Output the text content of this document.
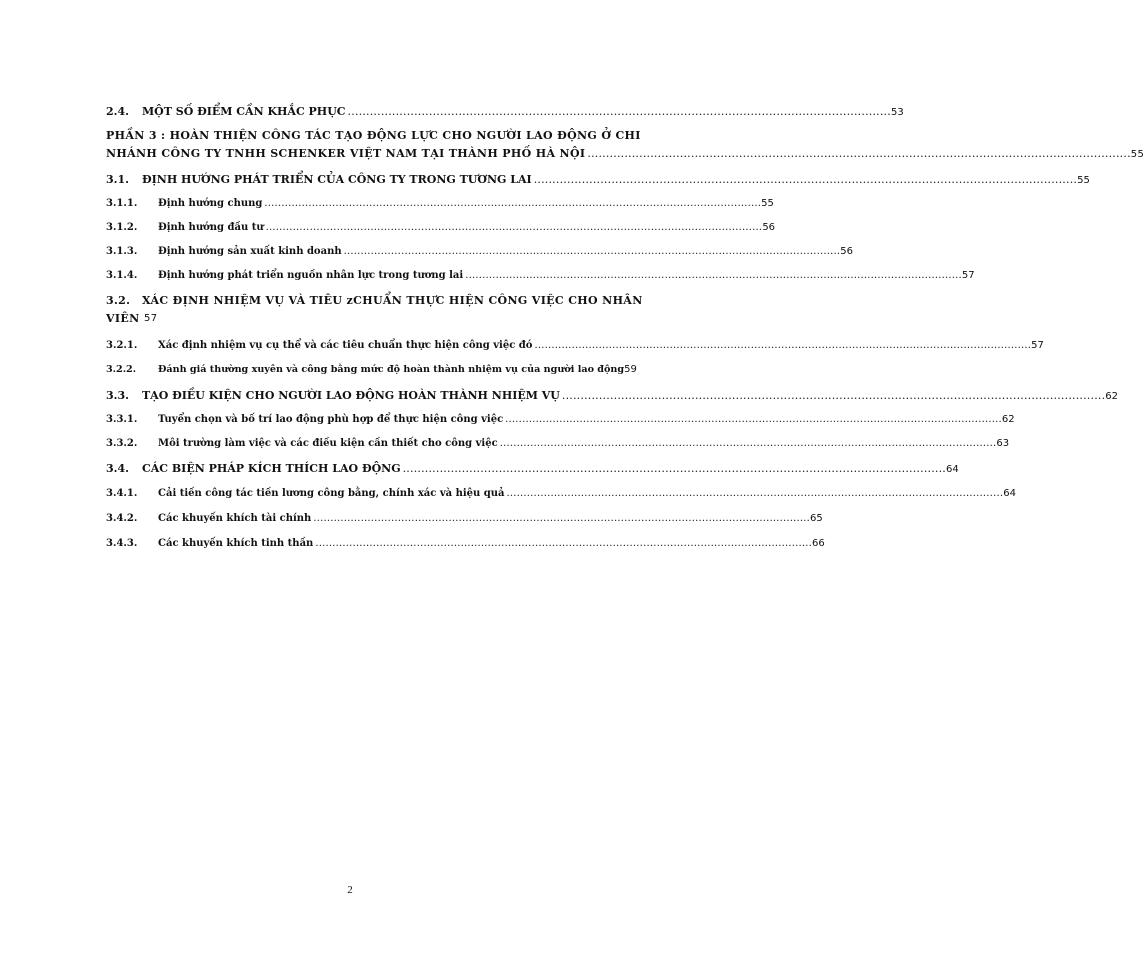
2.4. MỘT SỐ ĐIỂM CẦN KHẮC PHỤC ................................................................................................................................................... 53
PHẦN 3 : HOÀN THIỆN CÔNG TÁC TẠO ĐỘNG LỰC CHO NGƯỜI LAO ĐỘNG Ở CHI
NHÁNH CÔNG TY TNHH SCHENKER VIỆT NAM TẠI THÀNH PHỐ HÀ NỘI ................................................................................................................................................... 55
3.1. ĐỊNH HƯỚNG PHÁT TRIỂN CỦA CÔNG TY TRONG TƯƠNG LAI ................................................................................................................................................... 55
3.1.1. Định hướng chung ................................................................................................................................................... 55
3.1.2. Định hướng đầu tư ................................................................................................................................................... 56
3.1.3. Định hướng sản xuất kinh doanh ................................................................................................................................................... 56
3.1.4. Định hướng phát triển nguồn nhân lực trong tương lai ................................................................................................................................................... 57
3.2. XÁC ĐỊNH NHIỆM VỤ VÀ TIÊU zCHUẨN THỰC HIỆN CÔNG VIỆC CHO NHÂN
VIÊN 57
3.2.1. Xác định nhiệm vụ cụ thể và các tiêu chuẩn thực hiện công việc đó ................................................................................................................................................... 57
3.2.2. Đánh giá thường xuyên và công bằng mức độ hoàn thành nhiệm vụ của người lao động 59
3.3. TẠO ĐIỀU KIỆN CHO NGƯỜI LAO ĐỘNG HOÀN THÀNH NHIỆM VỤ ................................................................................................................................................... 62
3.3.1. Tuyển chọn và bố trí lao động phù hợp để thực hiện công việc ................................................................................................................................................... 62
3.3.2. Môi trường làm việc và các điều kiện cần thiết cho công việc ................................................................................................................................................... 63
3.4. CÁC BIỆN PHÁP KÍCH THÍCH LAO ĐỘNG ................................................................................................................................................... 64
3.4.1. Cải tiến công tác tiền lương công bằng, chính xác và hiệu quả ................................................................................................................................................... 64
3.4.2. Các khuyến khích tài chính ................................................................................................................................................... 65
3.4.3. Các khuyến khích tinh thần ................................................................................................................................................... 66
2
